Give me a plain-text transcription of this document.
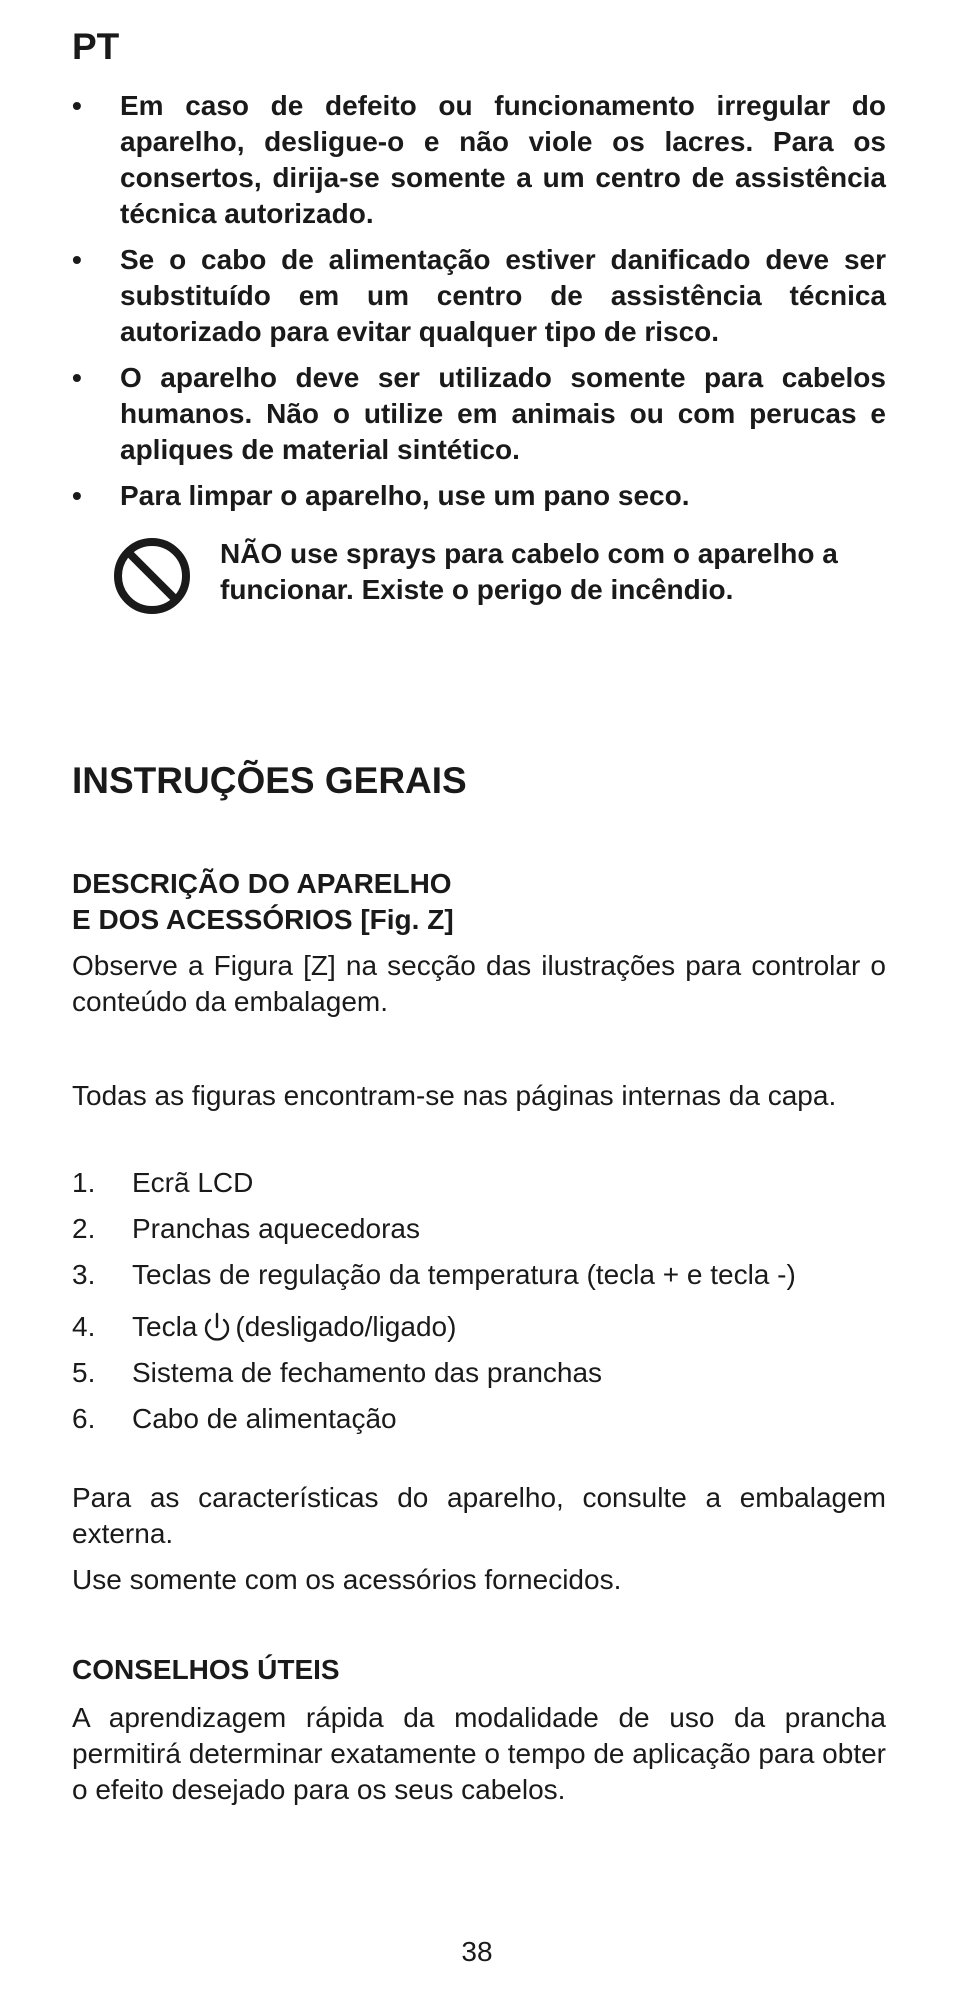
PT
•	Em caso de defeito ou funcionamento irregular do aparelho, desligue-o e não viole os lacres. Para os consertos, dirija-se somente a um centro de assistência técnica autorizado.
•	Se o cabo de alimentação estiver danificado deve ser substituído em um centro de assistência técnica autorizado para evitar qualquer tipo de risco.
•	O aparelho deve ser utilizado somente para cabelos humanos. Não o utilize em animais ou com perucas e apliques de material sintético.
•	Para limpar o aparelho, use um pano seco.
NÃO use sprays para cabelo com o aparelho a funcionar. Existe o perigo de incêndio.
INSTRUÇÕES GERAIS
DESCRIÇÃO DO APARELHO
E DOS ACESSÓRIOS [Fig. Z]

Observe a Figura [Z] na secção das ilustrações para controlar o conteúdo da embalagem.

Todas as figuras encontram-se nas páginas internas da capa.

1.	Ecrã LCD
2.	Pranchas aquecedoras
3.	Teclas de regulação da temperatura (tecla + e tecla -)
4.	Tecla (desligado/ligado)
5.	Sistema de fechamento das pranchas
6.	Cabo de alimentação

Para as características do aparelho, consulte a embalagem externa.

Use somente com os acessórios fornecidos.

CONSELHOS ÚTEIS

A aprendizagem rápida da modalidade de uso da prancha permitirá determinar exatamente o tempo de aplicação para obter o efeito desejado para os seus cabelos.

38
